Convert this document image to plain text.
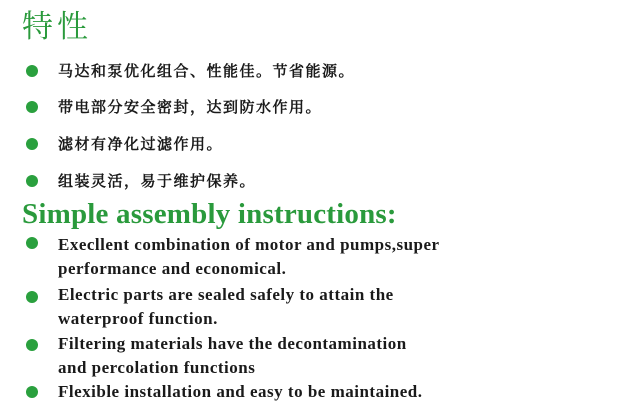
特性
马达和泵优化组合、性能佳。节省能源。
带电部分安全密封，达到防水作用。
滤材有净化过滤作用。
组装灵活，易于维护保养。
Simple assembly instructions:
Execllent combination of motor and pumps,super
performance and economical.
Electric parts are sealed safely to attain the
waterproof function.
Filtering materials have the decontamination
and percolation functions
Flexible installation and easy to be maintained.
